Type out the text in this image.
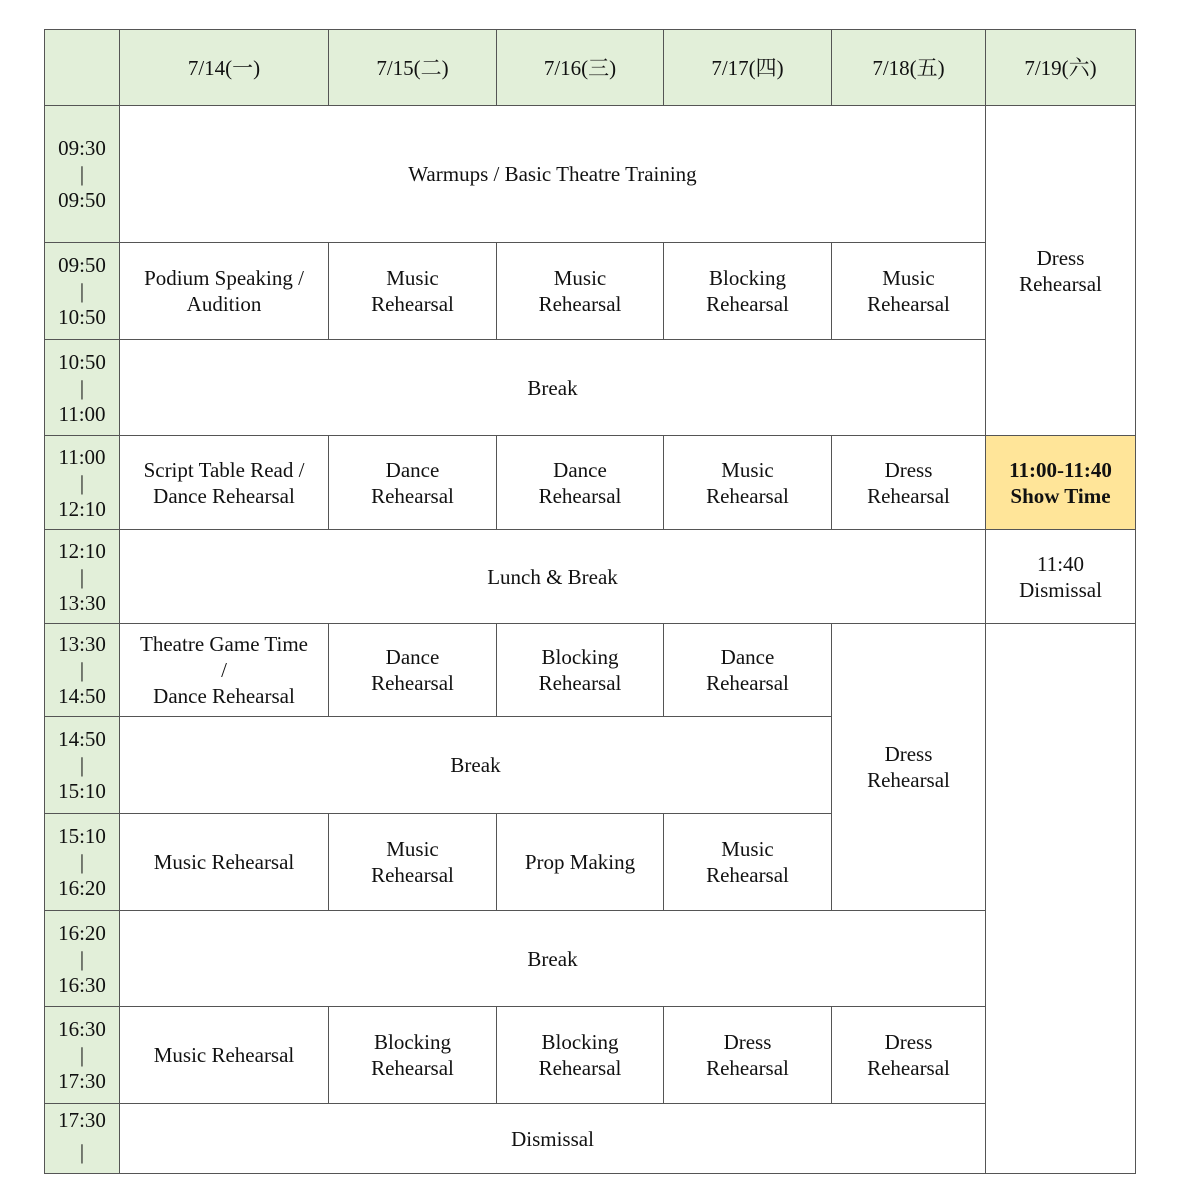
	7/14(一)	7/15(二)	7/16(三)	7/17(四)	7/18(五)	7/19(六)

09:30
|
09:50	Warmups / Basic Theatre Training					Dress
Rehearsal

09:50
|
10:50	Podium Speaking /
Audition	Music
Rehearsal	Music
Rehearsal	Blocking
Rehearsal	Music
Rehearsal	

10:50
|
11:00	Break					

11:00
|
12:10	Script Table Read /
Dance Rehearsal	Dance
Rehearsal	Dance
Rehearsal	Music
Rehearsal	Dress
Rehearsal	11:00-11:40
Show Time

12:10
|
13:30	Lunch & Break					11:40
Dismissal

13:30
|
14:50	Theatre Game Time
/
Dance Rehearsal	Dance
Rehearsal	Blocking
Rehearsal	Dance
Rehearsal	Dress
Rehearsal	

14:50
|
15:10	Break					

15:10
|
16:20	Music Rehearsal	Music
Rehearsal	Prop Making	Music
Rehearsal		

16:20
|
16:30	Break					

16:30
|
17:30	Music Rehearsal	Blocking
Rehearsal	Blocking
Rehearsal	Dress
Rehearsal	Dress
Rehearsal	

17:30
|	Dismissal					
